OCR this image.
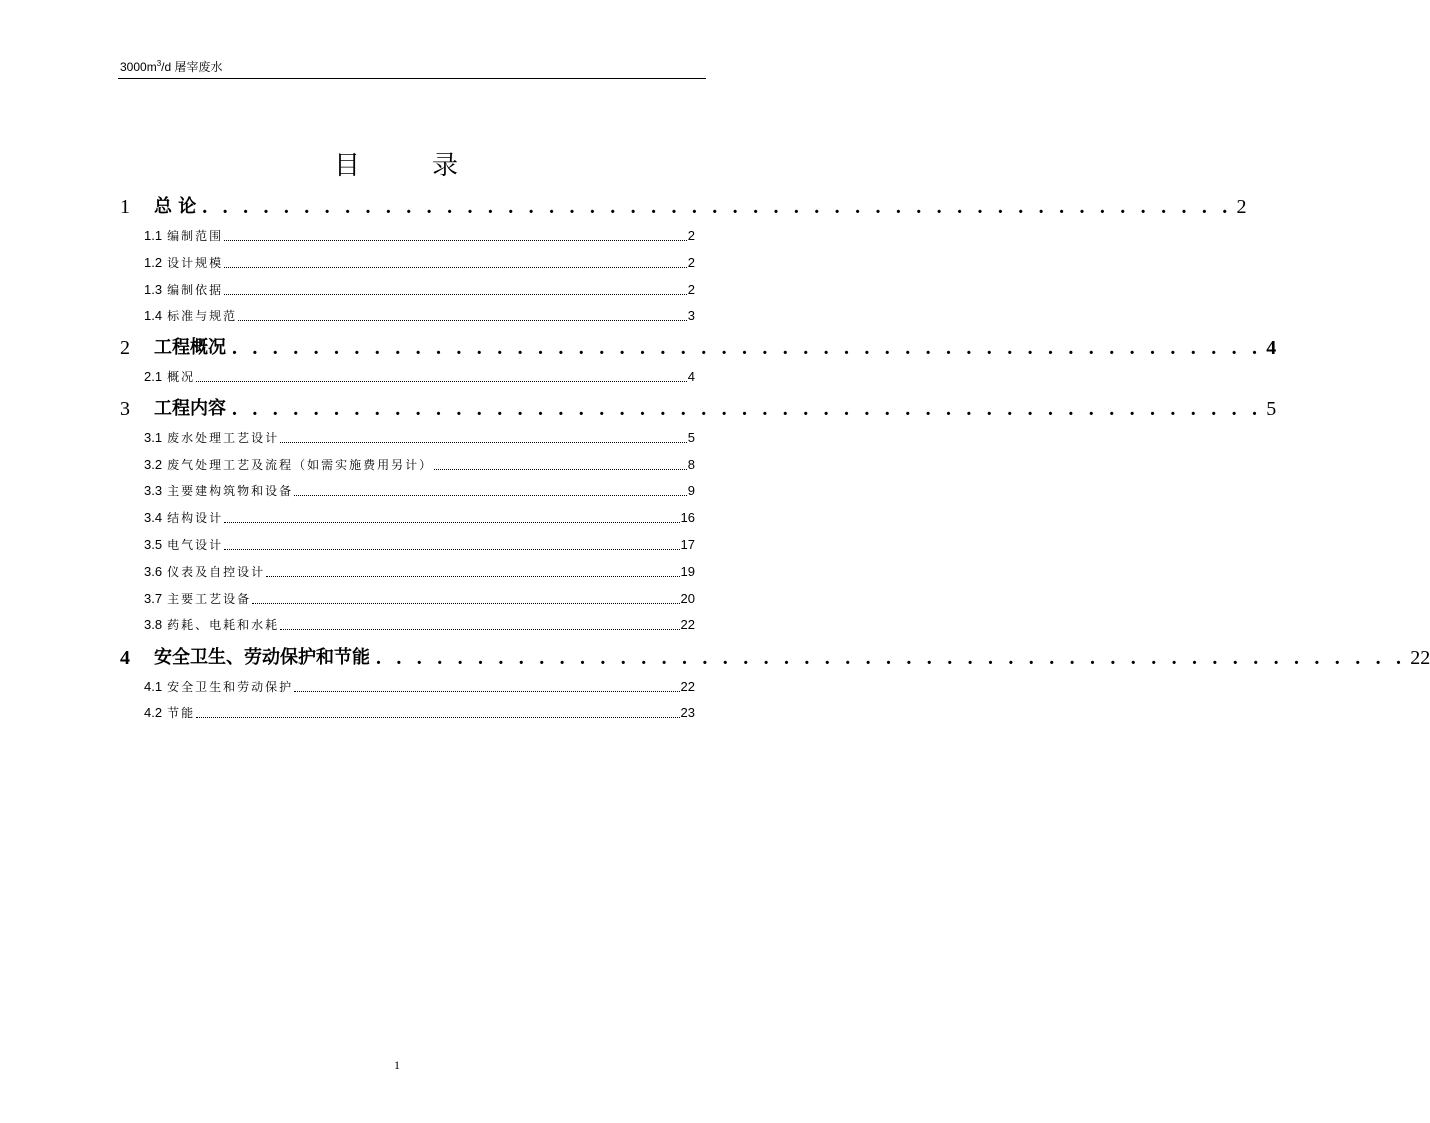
$3000m^3/d$ 屠宰废水
目	录
1	总 论 . . . . . . . . . . . . . . . . . . . . . . . . . . . . . . . . . . . . . . . . . . . . . . . . . . . 2
1.1 编制范围	2
1.2 设计规模	2
1.3 编制依据	2
1.4 标准与规范	3
2	工程概况 . . . . . . . . . . . . . . . . . . . . . . . . . . . . . . . . . . . . . . . . . . . . . . . . . . . 4
2.1 概况	4
3	工程内容 . . . . . . . . . . . . . . . . . . . . . . . . . . . . . . . . . . . . . . . . . . . . . . . . . . . 5
3.1 废水处理工艺设计	5
3.2 废气处理工艺及流程（如需实施费用另计）	8
3.3 主要建构筑物和设备	9
3.4 结构设计	16
3.5 电气设计	17
3.6 仪表及自控设计	19
3.7 主要工艺设备	20
3.8 药耗、电耗和水耗	22
4	安全卫生、劳动保护和节能 . . . . . . . . . . . . . . . . . . . . . . . . . . . . . . . . . . . . . . . . . . . . . . . . . . . 22
4.1 安全卫生和劳动保护	22
4.2 节能	23
1
